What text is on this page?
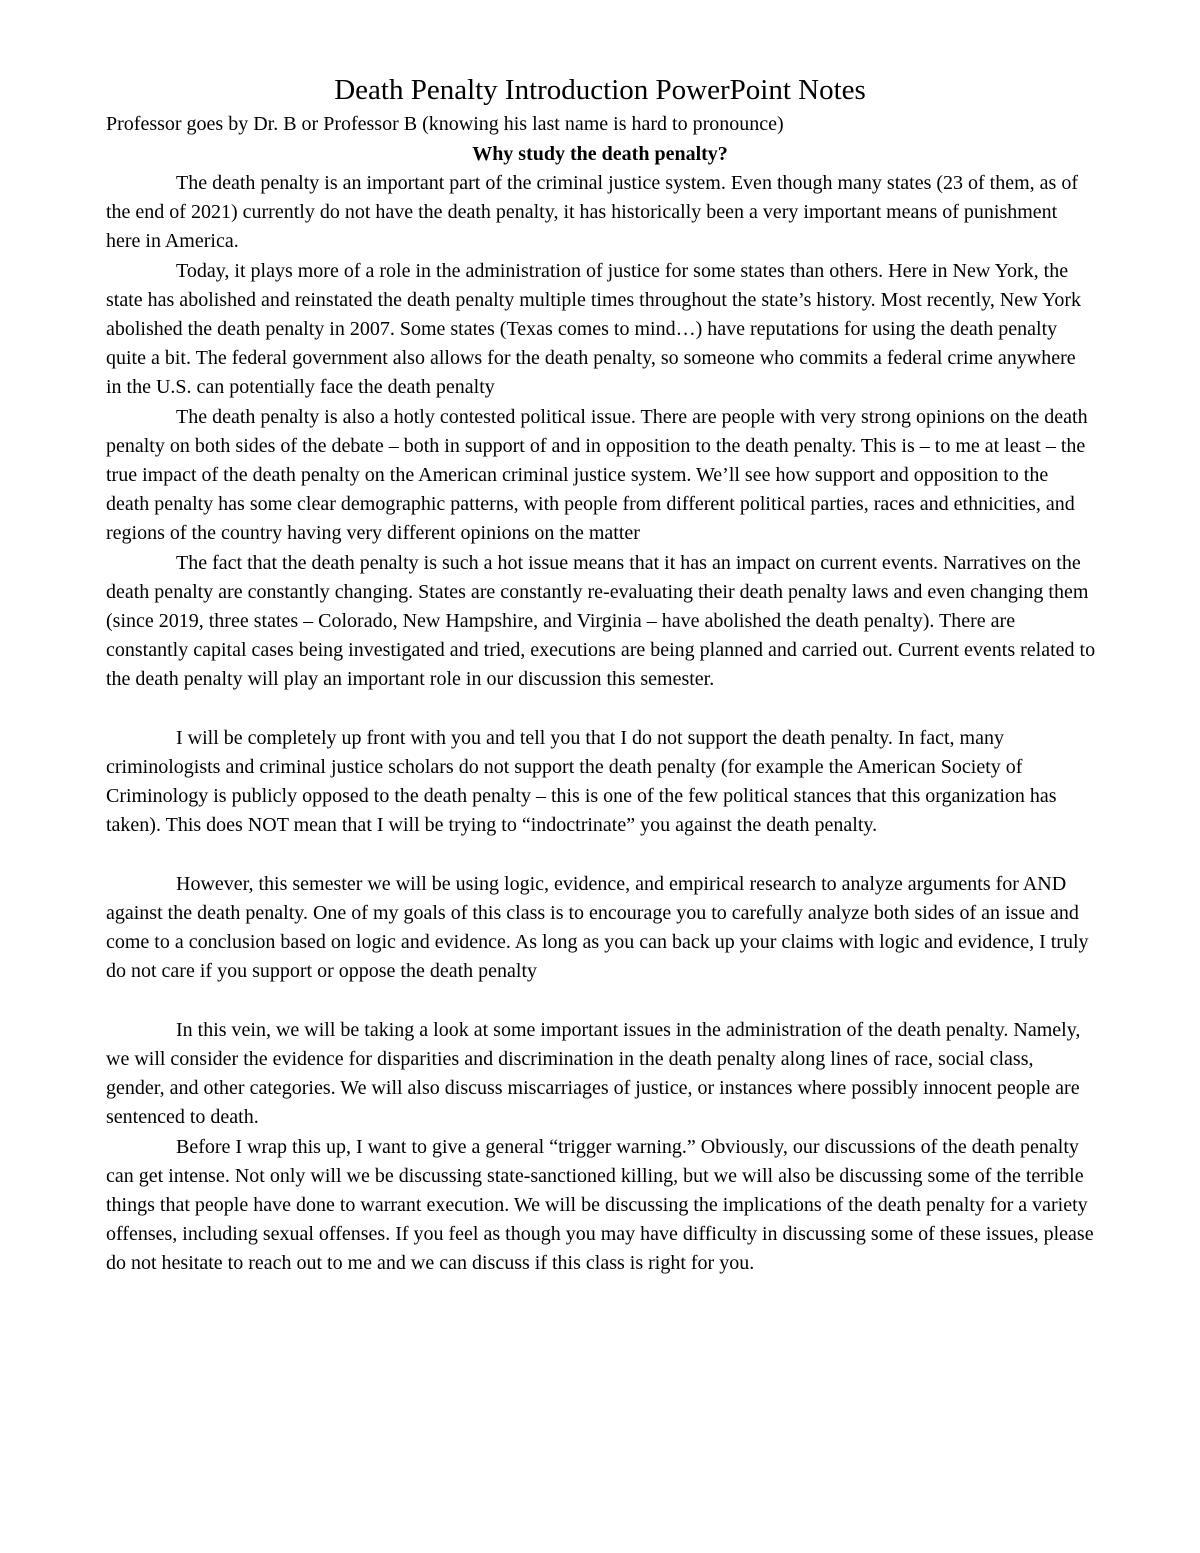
Death Penalty Introduction PowerPoint Notes
Professor goes by Dr. B or Professor B (knowing his last name is hard to pronounce)
Why study the death penalty?

The death penalty is an important part of the criminal justice system. Even though many states (23 of them, as of the end of 2021) currently do not have the death penalty, it has historically been a very important means of punishment here in America.

Today, it plays more of a role in the administration of justice for some states than others. Here in New York, the state has abolished and reinstated the death penalty multiple times throughout the state’s history. Most recently, New York abolished the death penalty in 2007. Some states (Texas comes to mind…) have reputations for using the death penalty quite a bit. The federal government also allows for the death penalty, so someone who commits a federal crime anywhere in the U.S. can potentially face the death penalty

The death penalty is also a hotly contested political issue. There are people with very strong opinions on the death penalty on both sides of the debate – both in support of and in opposition to the death penalty. This is – to me at least – the true impact of the death penalty on the American criminal justice system. We’ll see how support and opposition to the death penalty has some clear demographic patterns, with people from different political parties, races and ethnicities, and regions of the country having very different opinions on the matter

The fact that the death penalty is such a hot issue means that it has an impact on current events. Narratives on the death penalty are constantly changing. States are constantly re-evaluating their death penalty laws and even changing them (since 2019, three states – Colorado, New Hampshire, and Virginia – have abolished the death penalty). There are constantly capital cases being investigated and tried, executions are being planned and carried out. Current events related to the death penalty will play an important role in our discussion this semester.

I will be completely up front with you and tell you that I do not support the death penalty. In fact, many criminologists and criminal justice scholars do not support the death penalty (for example the American Society of Criminology is publicly opposed to the death penalty – this is one of the few political stances that this organization has taken). This does NOT mean that I will be trying to “indoctrinate” you against the death penalty.

However, this semester we will be using logic, evidence, and empirical research to analyze arguments for AND against the death penalty. One of my goals of this class is to encourage you to carefully analyze both sides of an issue and come to a conclusion based on logic and evidence. As long as you can back up your claims with logic and evidence, I truly do not care if you support or oppose the death penalty

In this vein, we will be taking a look at some important issues in the administration of the death penalty. Namely, we will consider the evidence for disparities and discrimination in the death penalty along lines of race, social class, gender, and other categories. We will also discuss miscarriages of justice, or instances where possibly innocent people are sentenced to death.

Before I wrap this up, I want to give a general “trigger warning.” Obviously, our discussions of the death penalty can get intense. Not only will we be discussing state-sanctioned killing, but we will also be discussing some of the terrible things that people have done to warrant execution. We will be discussing the implications of the death penalty for a variety offenses, including sexual offenses. If you feel as though you may have difficulty in discussing some of these issues, please do not hesitate to reach out to me and we can discuss if this class is right for you.
